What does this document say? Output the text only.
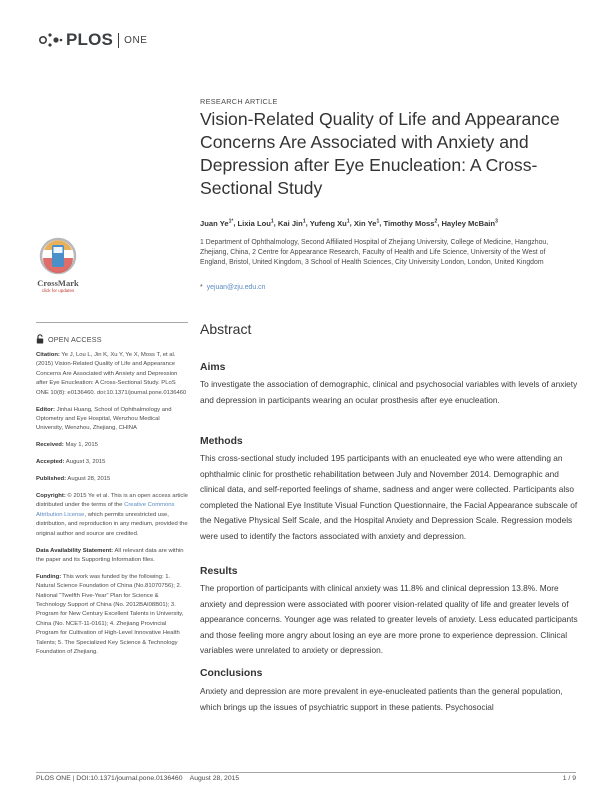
PLOS ONE
CrossMark
click for updates
OPEN ACCESS
Citation: Ye J, Lou L, Jin K, Xu Y, Ye X, Moss T, et al. (2015) Vision-Related Quality of Life and Appearance Concerns Are Associated with Anxiety and Depression after Eye Enucleation: A Cross-Sectional Study. PLoS ONE 10(8): e0136460. doi:10.1371/journal.pone.0136460
Editor: Jinhai Huang, School of Ophthalmology and Optometry and Eye Hospital, Wenzhou Medical University, Wenzhou, Zhejiang, CHINA
Received: May 1, 2015
Accepted: August 3, 2015
Published: August 28, 2015
Copyright: © 2015 Ye et al. This is an open access article distributed under the terms of the Creative Commons Attribution License, which permits unrestricted use, distribution, and reproduction in any medium, provided the original author and source are credited.
Data Availability Statement: All relevant data are within the paper and its Supporting Information files.
Funding: This work was funded by the following: 1. Natural Science Foundation of China (No.81070756); 2. National “Twelfth Five-Year” Plan for Science & Technology Support of China (No. 2012BAI08B01); 3. Program for New Century Excellent Talents in University, China (No. NCET-11-0161); 4. Zhejiang Provincial Program for Cultivation of High-Level Innovative Health Talents; 5. The Specialized Key Science & Technology Foundation of Zhejiang.
RESEARCH ARTICLE
Vision-Related Quality of Life and Appearance Concerns Are Associated with Anxiety and Depression after Eye Enucleation: A Cross-Sectional Study
Juan $Ye^{1*}$, Lixia Lou$^1$, Kai Jin$^1$, Yufeng Xu$^1$, Xin Ye$^1$, Timothy Moss$^2$, Hayley McBain$^3$
1 Department of Ophthalmology, Second Affiliated Hospital of Zhejiang University, College of Medicine, Hangzhou, Zhejiang, China, 2 Centre for Appearance Research, Faculty of Health and Life Science, University of the West of England, Bristol, United Kingdom, 3 School of Health Sciences, City University London, London, United Kingdom
* yejuan@zju.edu.cn
Abstract
Aims
To investigate the association of demographic, clinical and psychosocial variables with levels of anxiety and depression in participants wearing an ocular prosthesis after eye enucleation.
Methods
This cross-sectional study included 195 participants with an enucleated eye who were attending an ophthalmic clinic for prosthetic rehabilitation between July and November 2014. Demographic and clinical data, and self-reported feelings of shame, sadness and anger were collected. Participants also completed the National Eye Institute Visual Function Questionnaire, the Facial Appearance subscale of the Negative Physical Self Scale, and the Hospital Anxiety and Depression Scale. Regression models were used to identify the factors associated with anxiety and depression.
Results
The proportion of participants with clinical anxiety was 11.8% and clinical depression 13.8%. More anxiety and depression were associated with poorer vision-related quality of life and greater levels of appearance concerns. Younger age was related to greater levels of anxiety. Less educated participants and those feeling more angry about losing an eye are more prone to experience depression. Clinical variables were unrelated to anxiety or depression.
Conclusions
Anxiety and depression are more prevalent in eye-enucleated patients than the general population, which brings up the issues of psychiatric support in these patients. Psychosocial
PLOS ONE | DOI:10.1371/journal.pone.0136460    August 28, 2015	1 / 9
